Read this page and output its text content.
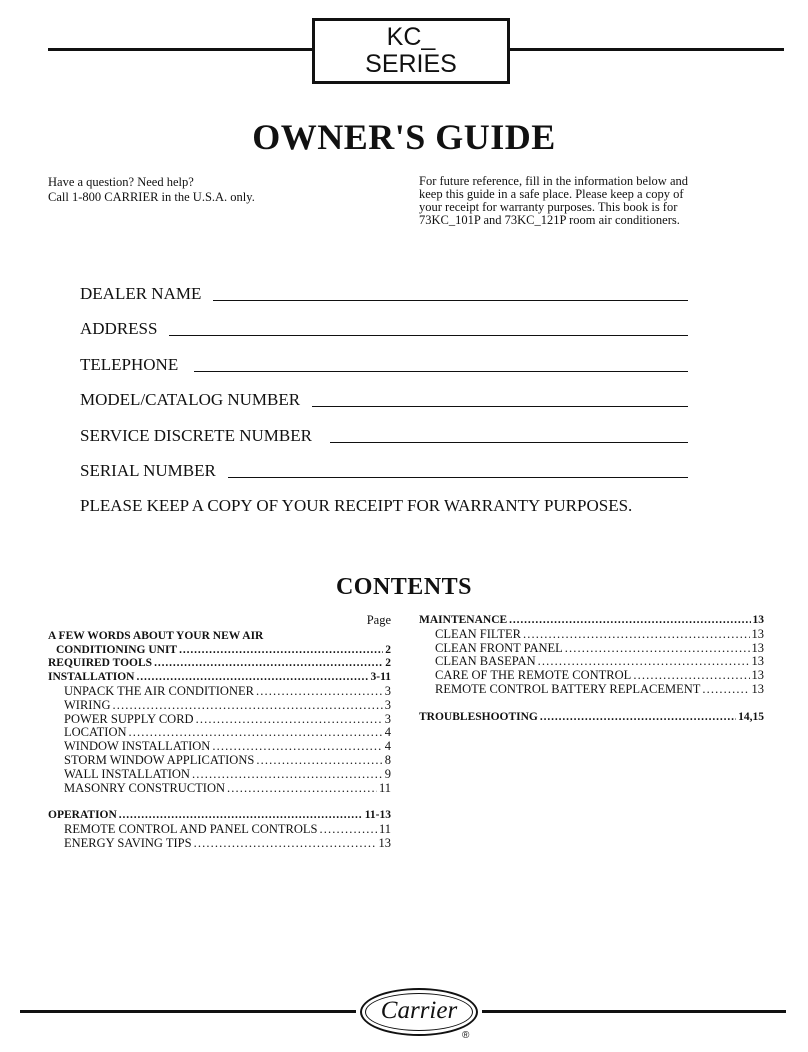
KC_
SERIES
OWNER'S GUIDE
Have a question? Need help?
Call 1-800 CARRIER in the U.S.A. only.
For future reference, fill in the information below and
keep this guide in a safe place. Please keep a copy of
your receipt for warranty purposes. This book is for
73KC_101P and 73KC_121P room air conditioners.
DEALER NAME
ADDRESS
TELEPHONE
MODEL/CATALOG NUMBER
SERVICE DISCRETE NUMBER
SERIAL NUMBER
PLEASE KEEP A COPY OF YOUR RECEIPT FOR WARRANTY PURPOSES.
CONTENTS
Page
A FEW WORDS ABOUT YOUR NEW AIR
CONDITIONING UNIT . . .	2
REQUIRED TOOLS . . .	2
INSTALLATION . . .	3-11
UNPACK THE AIR CONDITIONER . . .	3
WIRING . . .	3
POWER SUPPLY CORD . . .	3
LOCATION . . .	4
WINDOW INSTALLATION . . .	4
STORM WINDOW APPLICATIONS . . .	8
WALL INSTALLATION . . .	9
MASONRY CONSTRUCTION . . .	11
OPERATION . . .	11-13
REMOTE CONTROL AND PANEL CONTROLS . . .	11
ENERGY SAVING TIPS . . .	13
MAINTENANCE . . .	13
CLEAN FILTER . . .	13
CLEAN FRONT PANEL . . .	13
CLEAN BASEPAN . . .	13
CARE OF THE REMOTE CONTROL . . .	13
REMOTE CONTROL BATTERY REPLACEMENT . . .	13
TROUBLESHOOTING . . .	14,15
Carrier
®
